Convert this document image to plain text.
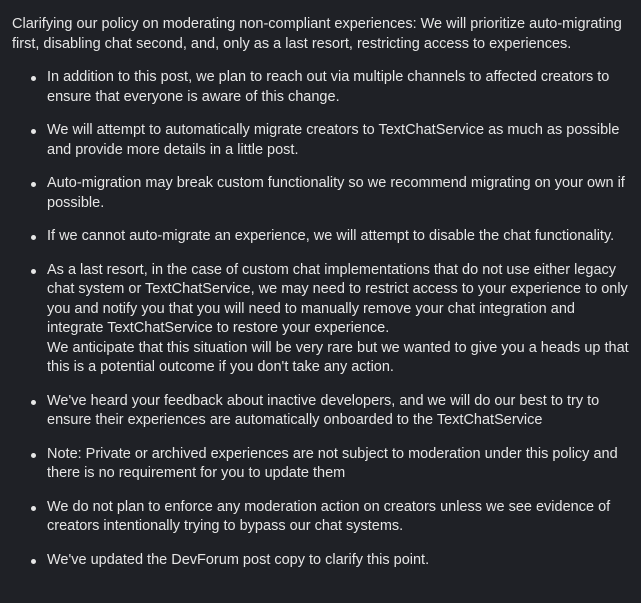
Clarifying our policy on moderating non-compliant experiences: We will prioritize auto-migrating first, disabling chat second, and, only as a last resort, restricting access to experiences.

In addition to this post, we plan to reach out via multiple channels to affected creators to ensure that everyone is aware of this change.

We will attempt to automatically migrate creators to TextChatService as much as possible and provide more details in a little post.

Auto-migration may break custom functionality so we recommend migrating on your own if possible.

If we cannot auto-migrate an experience, we will attempt to disable the chat functionality.

As a last resort, in the case of custom chat implementations that do not use either legacy chat system or TextChatService, we may need to restrict access to your experience to only you and notify you that you will need to manually remove your chat integration and integrate TextChatService to restore your experience.

We anticipate that this situation will be very rare but we wanted to give you a heads up that this is a potential outcome if you don't take any action.

We've heard your feedback about inactive developers, and we will do our best to try to ensure their experiences are automatically onboarded to the TextChatService

Note: Private or archived experiences are not subject to moderation under this policy and there is no requirement for you to update them

We do not plan to enforce any moderation action on creators unless we see evidence of creators intentionally trying to bypass our chat systems.

We've updated the DevForum post copy to clarify this point.
